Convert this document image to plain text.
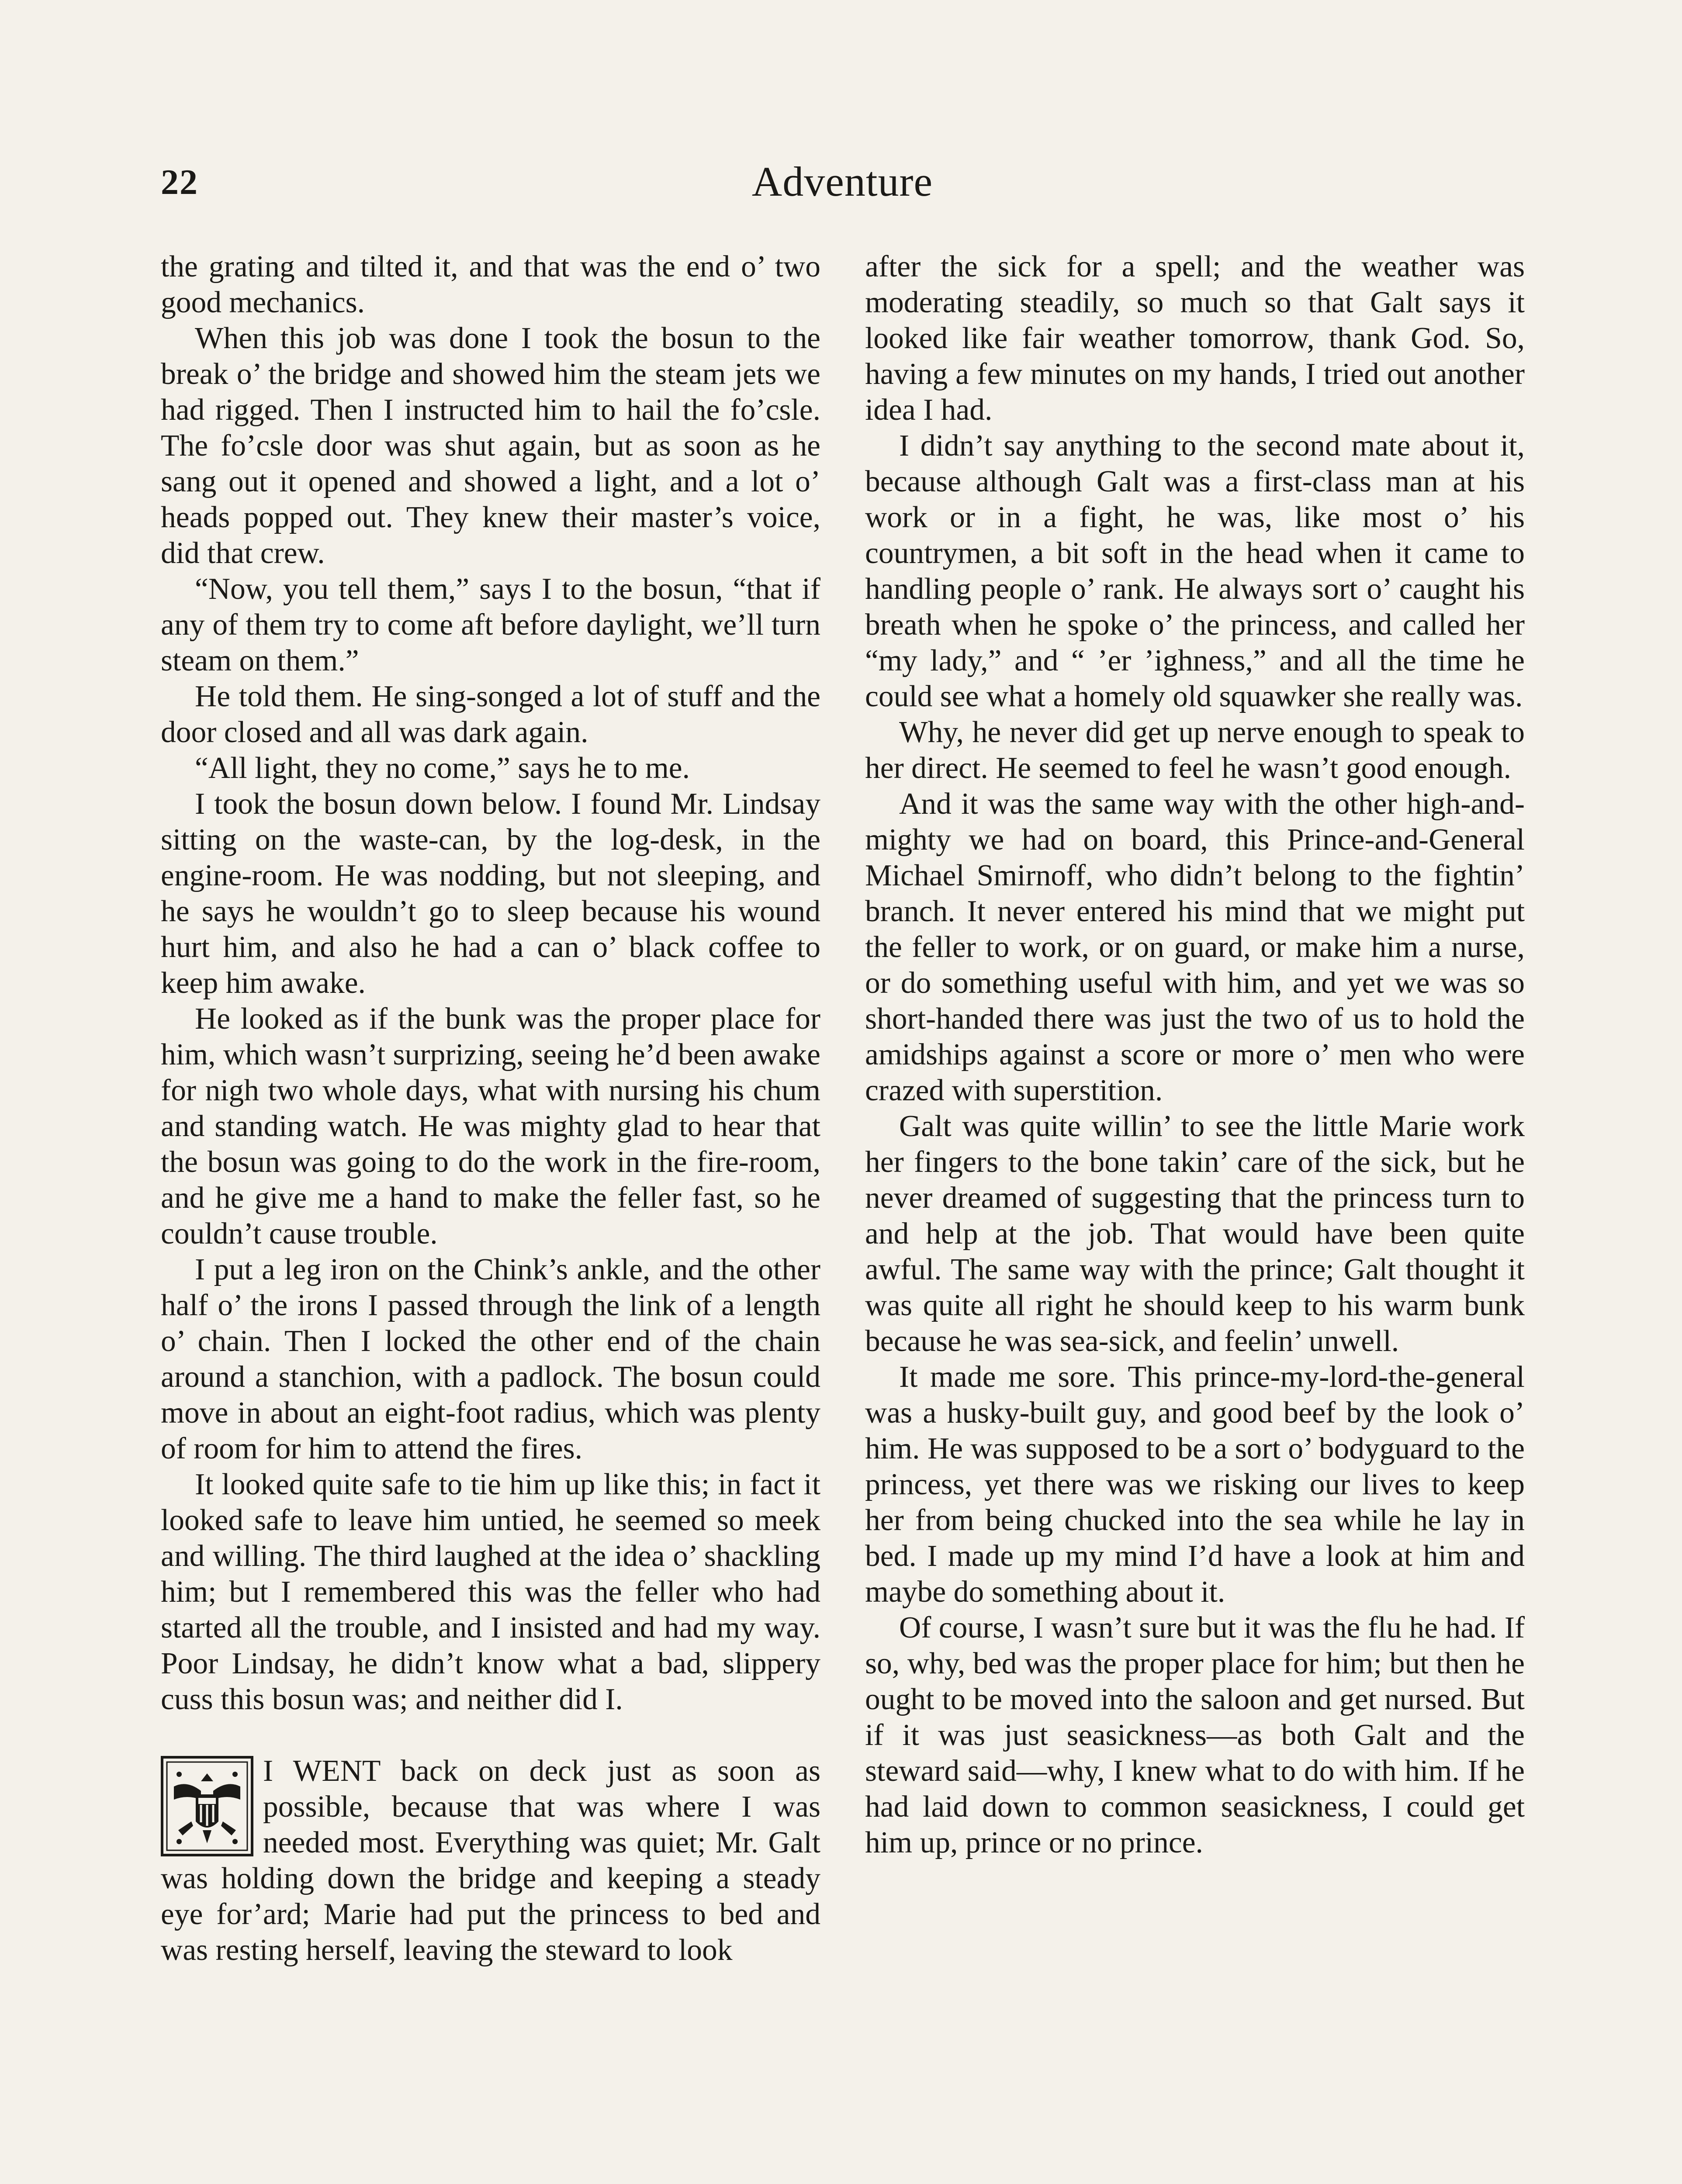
22	Adventure

the grating and tilted it, and that was the end o’ two good mechanics.

When this job was done I took the bosun to the break o’ the bridge and showed him the steam jets we had rigged. Then I instructed him to hail the fo’csle. The fo’csle door was shut again, but as soon as he sang out it opened and showed a light, and a lot o’ heads popped out. They knew their master’s voice, did that crew.

“Now, you tell them,” says I to the bosun, “that if any of them try to come aft before daylight, we’ll turn steam on them.”

He told them. He sing-songed a lot of stuff and the door closed and all was dark again.

“All light, they no come,” says he to me.

I took the bosun down below. I found Mr. Lindsay sitting on the waste-can, by the log-desk, in the engine-room. He was nodding, but not sleeping, and he says he wouldn’t go to sleep because his wound hurt him, and also he had a can o’ black coffee to keep him awake.

He looked as if the bunk was the proper place for him, which wasn’t surprizing, seeing he’d been awake for nigh two whole days, what with nursing his chum and standing watch. He was mighty glad to hear that the bosun was going to do the work in the fire-room, and he give me a hand to make the feller fast, so he couldn’t cause trouble.

I put a leg iron on the Chink’s ankle, and the other half o’ the irons I passed through the link of a length o’ chain. Then I locked the other end of the chain around a stanchion, with a padlock. The bosun could move in about an eight-foot radius, which was plenty of room for him to attend the fires.

It looked quite safe to tie him up like this; in fact it looked safe to leave him untied, he seemed so meek and willing. The third laughed at the idea o’ shackling him; but I remembered this was the feller who had started all the trouble, and I insisted and had my way. Poor Lindsay, he didn’t know what a bad, slippery cuss this bosun was; and neither did I.

I WENT back on deck just as soon as possible, because that was where I was needed most. Everything was quiet; Mr. Galt was holding down the bridge and keeping a steady eye for’ard; Marie had put the princess to bed and was resting herself, leaving the steward to look

after the sick for a spell; and the weather was moderating steadily, so much so that Galt says it looked like fair weather tomorrow, thank God. So, having a few minutes on my hands, I tried out another idea I had.

I didn’t say anything to the second mate about it, because although Galt was a first-class man at his work or in a fight, he was, like most o’ his countrymen, a bit soft in the head when it came to handling people o’ rank. He always sort o’ caught his breath when he spoke o’ the princess, and called her “my lady,” and “ ’er ’ighness,” and all the time he could see what a homely old squawker she really was.

Why, he never did get up nerve enough to speak to her direct. He seemed to feel he wasn’t good enough.

And it was the same way with the other high-and-mighty we had on board, this Prince-and-General Michael Smirnoff, who didn’t belong to the fightin’ branch. It never entered his mind that we might put the feller to work, or on guard, or make him a nurse, or do something useful with him, and yet we was so short-handed there was just the two of us to hold the amidships against a score or more o’ men who were crazed with superstition.

Galt was quite willin’ to see the little Marie work her fingers to the bone takin’ care of the sick, but he never dreamed of suggesting that the princess turn to and help at the job. That would have been quite awful. The same way with the prince; Galt thought it was quite all right he should keep to his warm bunk because he was sea-sick, and feelin’ unwell.

It made me sore. This prince-my-lord-the-general was a husky-built guy, and good beef by the look o’ him. He was supposed to be a sort o’ bodyguard to the princess, yet there was we risking our lives to keep her from being chucked into the sea while he lay in bed. I made up my mind I’d have a look at him and maybe do something about it.

Of course, I wasn’t sure but it was the flu he had. If so, why, bed was the proper place for him; but then he ought to be moved into the saloon and get nursed. But if it was just seasickness—as both Galt and the steward said—why, I knew what to do with him. If he had laid down to common seasickness, I could get him up, prince or no prince.
